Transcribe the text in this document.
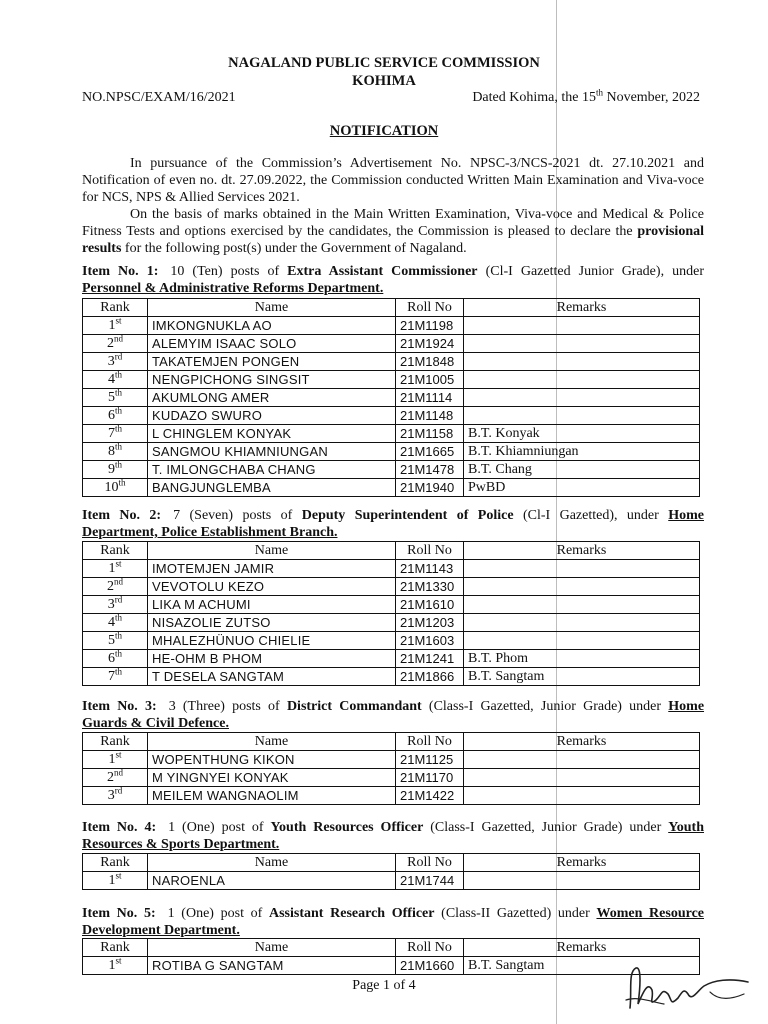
NAGALAND PUBLIC SERVICE COMMISSION
KOHIMA
NO.NPSC/EXAM/16/2021	Dated Kohima, the 15th November, 2022
NOTIFICATION
In pursuance of the Commission’s Advertisement No. NPSC-3/NCS-2021 dt. 27.10.2021 and Notification of even no. dt. 27.09.2022, the Commission conducted Written Main Examination and Viva-voce for NCS, NPS & Allied Services 2021.
On the basis of marks obtained in the Main Written Examination, Viva-voce and Medical & Police Fitness Tests and options exercised by the candidates, the Commission is pleased to declare the provisional results for the following post(s) under the Government of Nagaland.
Item No. 1: 10 (Ten) posts of Extra Assistant Commissioner (Cl-I Gazetted Junior Grade), under Personnel & Administrative Reforms Department.
Rank	Name	Roll No	Remarks
1st	IMKONGNUKLA AO	21M1198	
2nd	ALEMYIM ISAAC SOLO	21M1924	
3rd	TAKATEMJEN PONGEN	21M1848	
4th	NENGPICHONG SINGSIT	21M1005	
5th	AKUMLONG AMER	21M1114	
6th	KUDAZO SWURO	21M1148	
7th	L CHINGLEM KONYAK	21M1158	B.T. Konyak
8th	SANGMOU KHIAMNIUNGAN	21M1665	B.T. Khiamniungan
9th	T. IMLONGCHABA CHANG	21M1478	B.T. Chang
10th	BANGJUNGLEMBA	21M1940	PwBD
Item No. 2: 7 (Seven) posts of Deputy Superintendent of Police (Cl-I Gazetted), under Home Department, Police Establishment Branch.
Rank	Name	Roll No	Remarks
1st	IMOTEMJEN JAMIR	21M1143	
2nd	VEVOTOLU KEZO	21M1330	
3rd	LIKA M ACHUMI	21M1610	
4th	NISAZOLIE ZUTSO	21M1203	
5th	MHALEZHÜNUO CHIELIE	21M1603	
6th	HE-OHM B PHOM	21M1241	B.T. Phom
7th	T DESELA SANGTAM	21M1866	B.T. Sangtam
Item No. 3: 3 (Three) posts of District Commandant (Class-I Gazetted, Junior Grade) under Home Guards & Civil Defence.
Rank	Name	Roll No	Remarks
1st	WOPENTHUNG KIKON	21M1125	
2nd	M YINGNYEI KONYAK	21M1170	
3rd	MEILEM WANGNAOLIM	21M1422	
Item No. 4: 1 (One) post of Youth Resources Officer (Class-I Gazetted, Junior Grade) under Youth Resources & Sports Department.
Rank	Name	Roll No	Remarks
1st	NAROENLA	21M1744	
Item No. 5: 1 (One) post of Assistant Research Officer (Class-II Gazetted) under Women Resource Development Department.
Rank	Name	Roll No	Remarks
1st	ROTIBA G SANGTAM	21M1660	B.T. Sangtam
Page 1 of 4
